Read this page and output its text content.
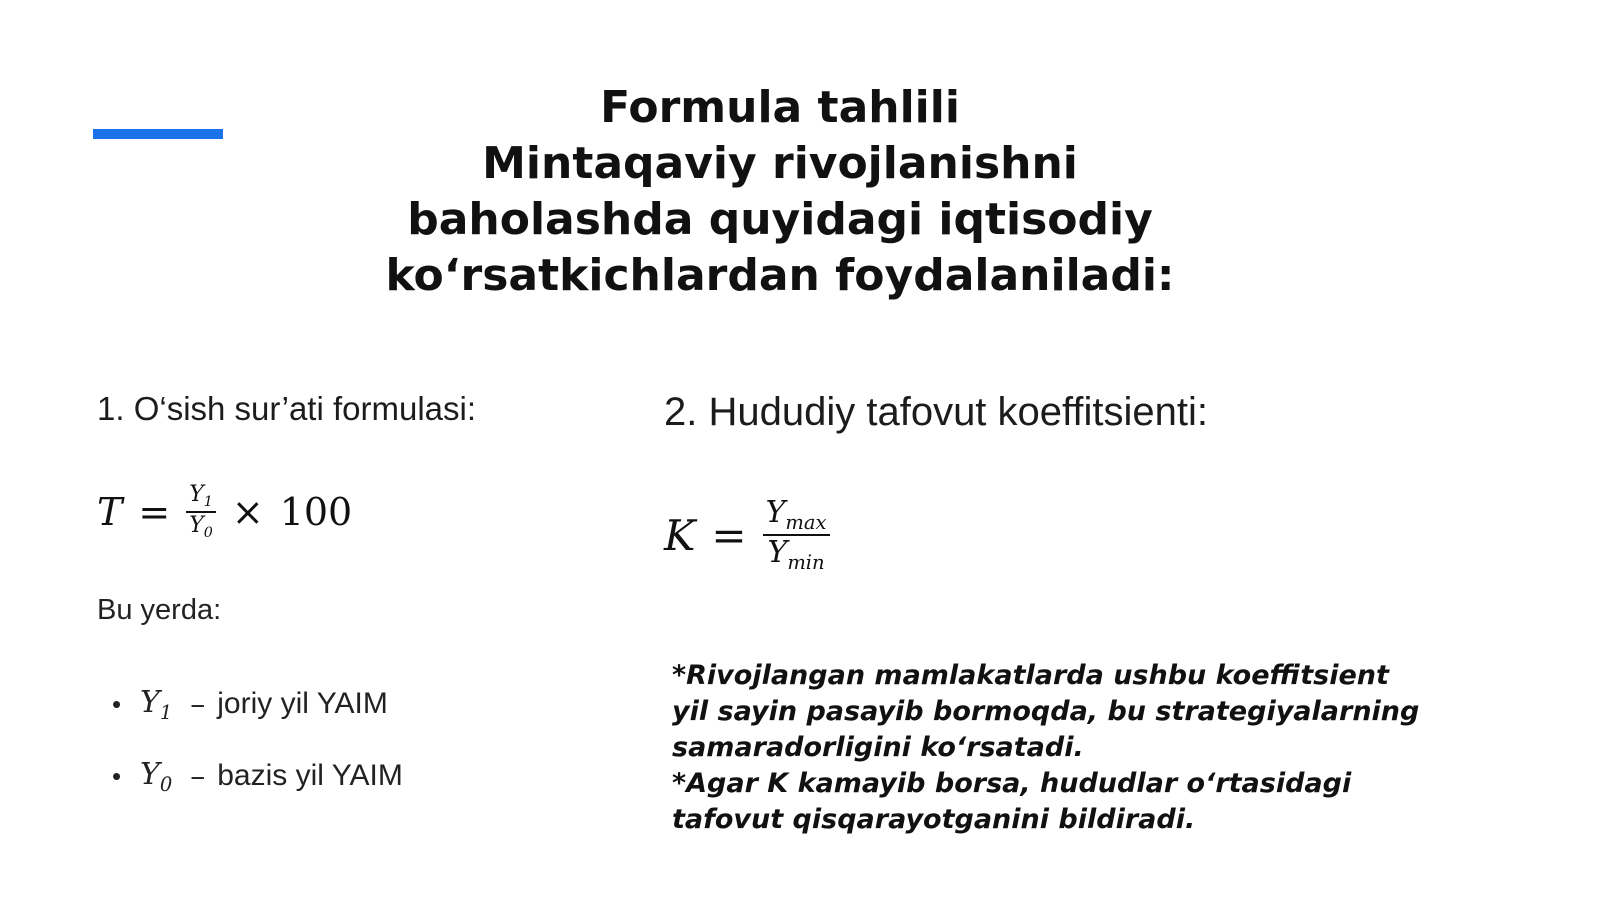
Formula tahlili
Mintaqaviy rivojlanishni
baholashda quyidagi iqtisodiy
ko‘rsatkichlardan foydalaniladi:
1. O‘sish sur’ati formulasi:
$T = \frac{Y_1}{Y_0} \times 100$
Bu yerda:
• $Y_1$ – joriy yil YAIM
• $Y_0$ – bazis yil YAIM
2. Hududiy tafovut koeffitsienti:
$K = \frac{Y_{max}}{Y_{min}}$

*Rivojlangan mamlakatlarda ushbu koeffitsient yil sayin pasayib bormoqda, bu strategiyalarning samaradorligini ko‘rsatadi.

*Agar K kamayib borsa, hududlar o‘rtasidagi tafovut qisqarayotganini bildiradi.
